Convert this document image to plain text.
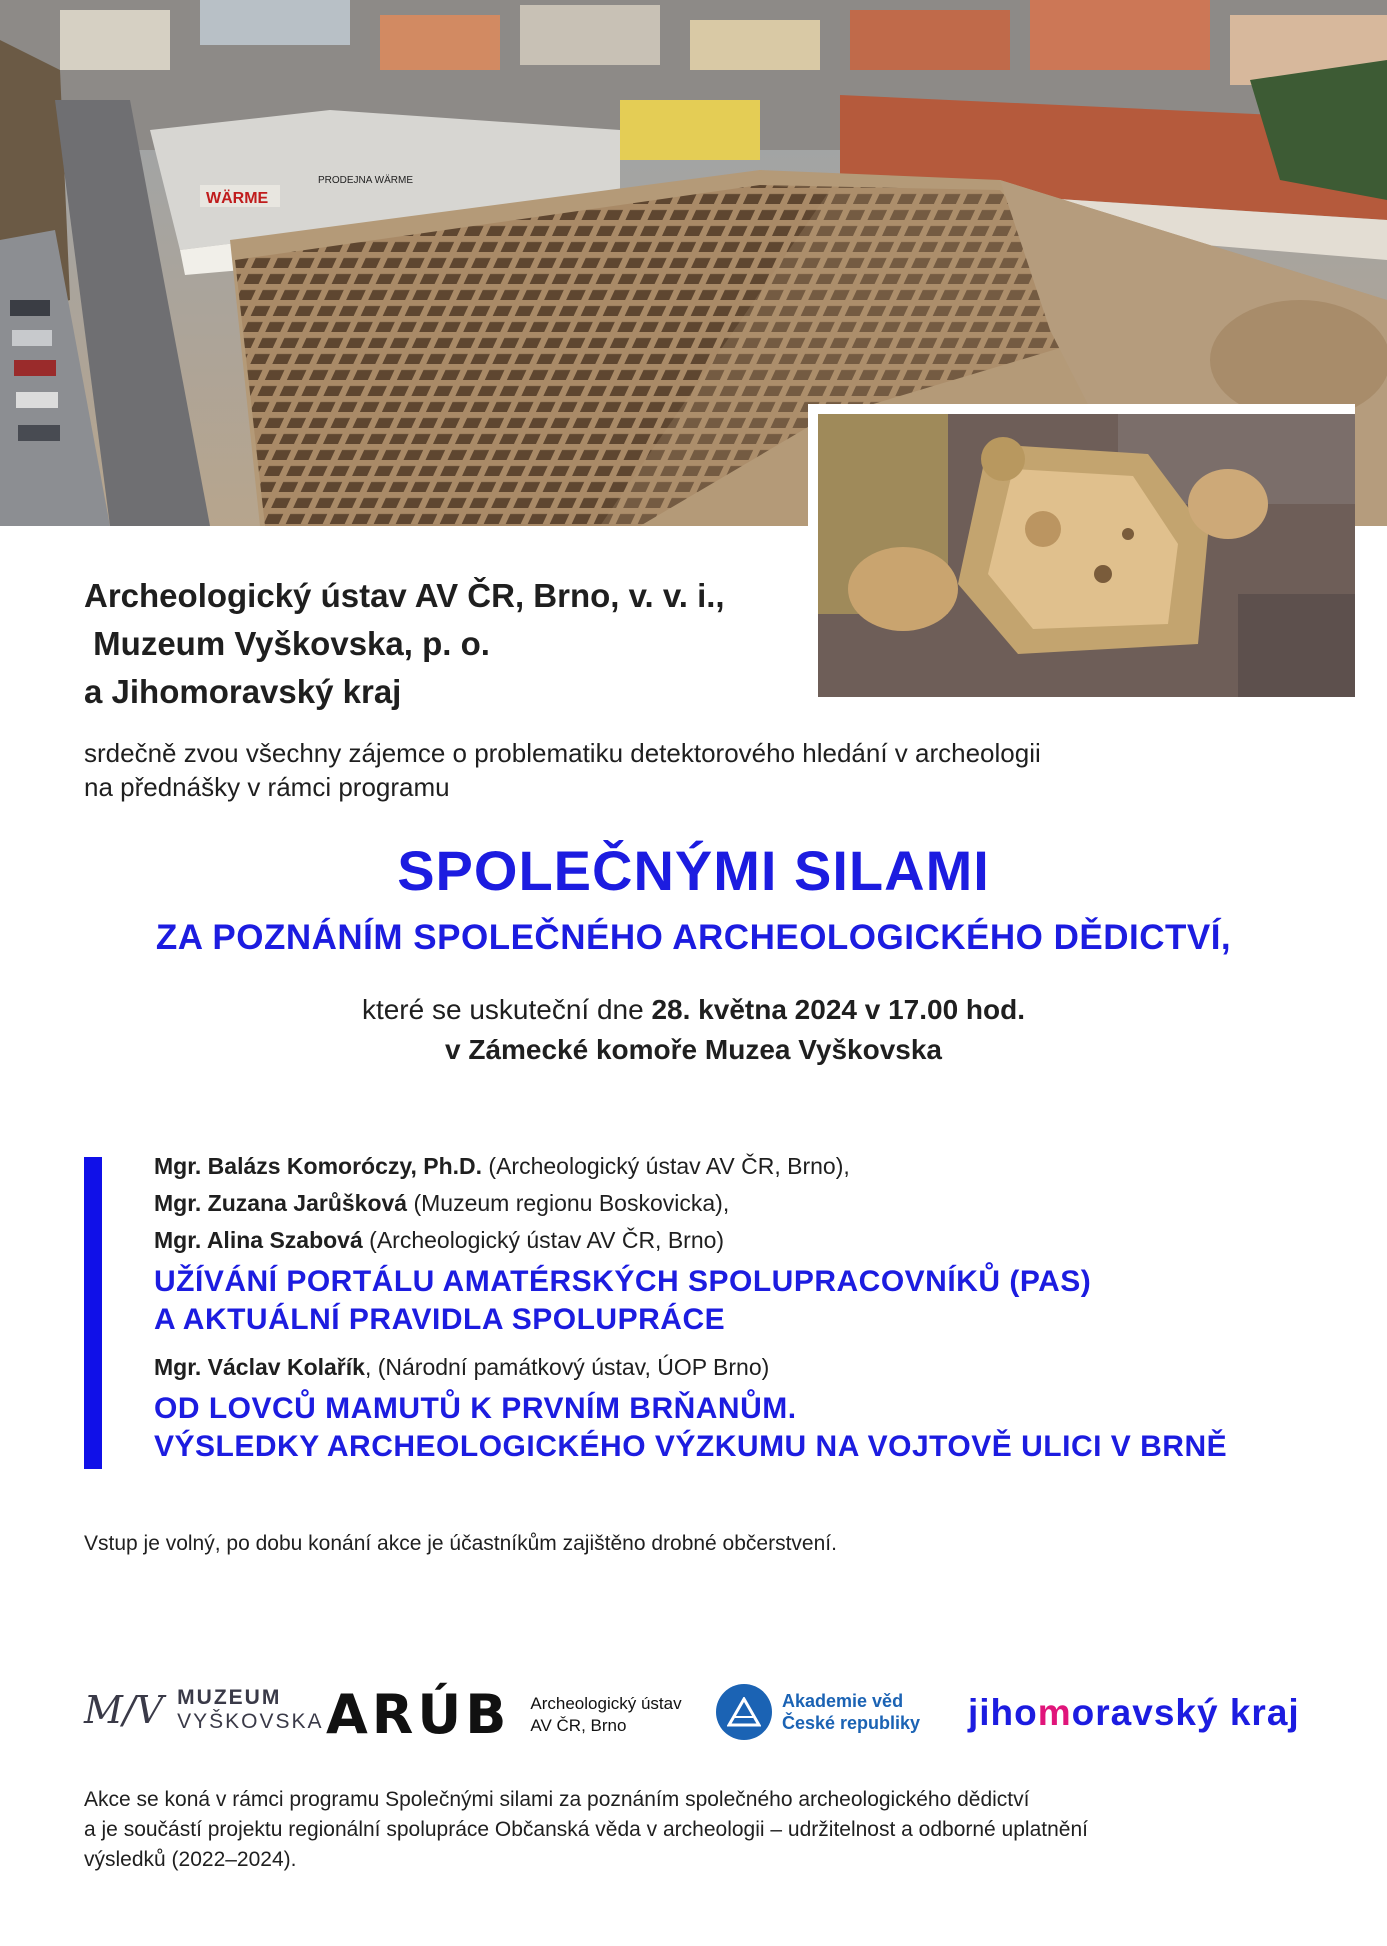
WÄRME
PRODEJNA WÄRME
Archeologický ústav AV ČR, Brno, v. v. i.,
Muzeum Vyškovska, p. o.
a Jihomoravský kraj
srdečně zvou všechny zájemce o problematiku detektorového hledání v archeologii
na přednášky v rámci programu
SPOLEČNÝMI SILAMI
ZA POZNÁNÍM SPOLEČNÉHO ARCHEOLOGICKÉHO DĚDICTVÍ,
které se uskuteční dne 28. května 2024 v 17.00 hod.
v Zámecké komoře Muzea Vyškovska
Mgr. Balázs Komoróczy, Ph.D. (Archeologický ústav AV ČR, Brno),
Mgr. Zuzana Jarůšková (Muzeum regionu Boskovicka),
Mgr. Alina Szabová (Archeologický ústav AV ČR, Brno)
UŽÍVÁNÍ PORTÁLU AMATÉRSKÝCH SPOLUPRACOVNÍKŮ (PAS)
A AKTUÁLNÍ PRAVIDLA SPOLUPRÁCE
Mgr. Václav Kolařík, (Národní památkový ústav, ÚOP Brno)
OD LOVCŮ MAMUTŮ K PRVNÍM BRŇANŮM.
VÝSLEDKY ARCHEOLOGICKÉHO VÝZKUMU NA VOJTOVĚ ULICI V BRNĚ
Vstup je volný, po dobu konání akce je účastníkům zajištěno drobné občerstvení.
M/V MUZEUM
VYŠKOVSKA ARÚB Archeologický ústav
AV ČR, Brno
Akademie věd
České republiky jiho m oravský kraj
Akce se koná v rámci programu Společnými silami za poznáním společného archeologického dědictví
a je součástí projektu regionální spolupráce Občanská věda v archeologii – udržitelnost a odborné uplatnění
výsledků (2022–2024).
